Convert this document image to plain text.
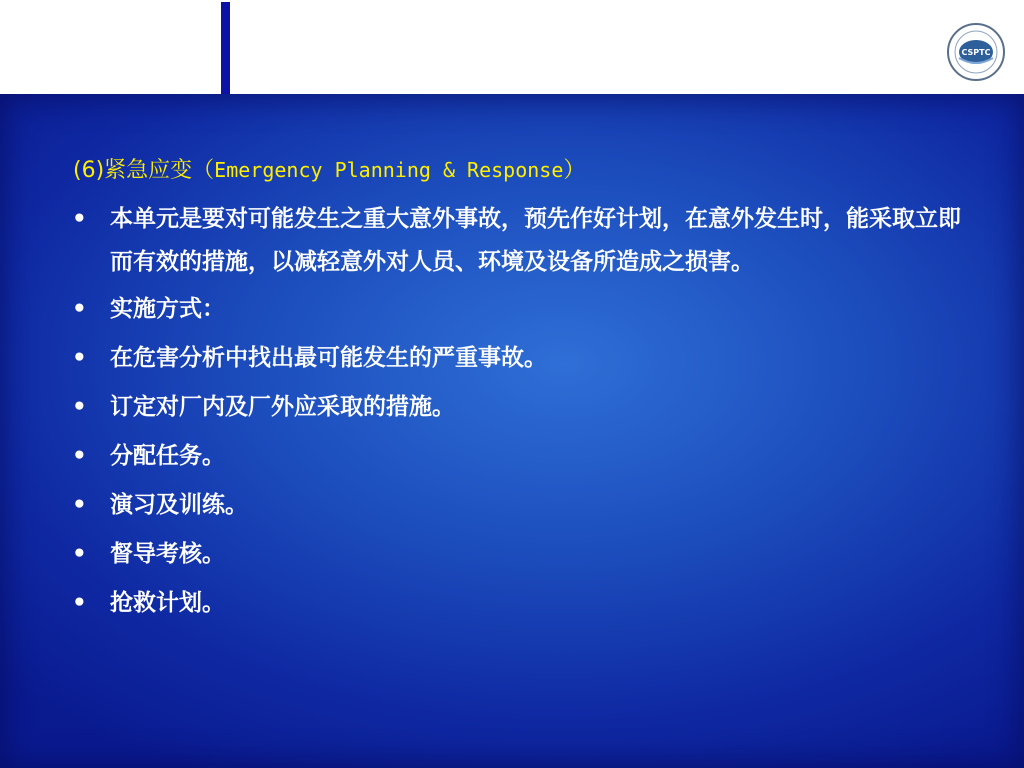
CSPTC
(6)紧急应变（Emergency Planning & Response）
• 本单元是要对可能发生之重大意外事故，预先作好计划，在意外发生时，能采取立即而有效的措施，以减轻意外对人员、环境及设备所造成之损害。
• 实施方式：
• 在危害分析中找出最可能发生的严重事故。
• 订定对厂内及厂外应采取的措施。
• 分配任务。
• 演习及训练。
• 督导考核。
• 抢救计划。
